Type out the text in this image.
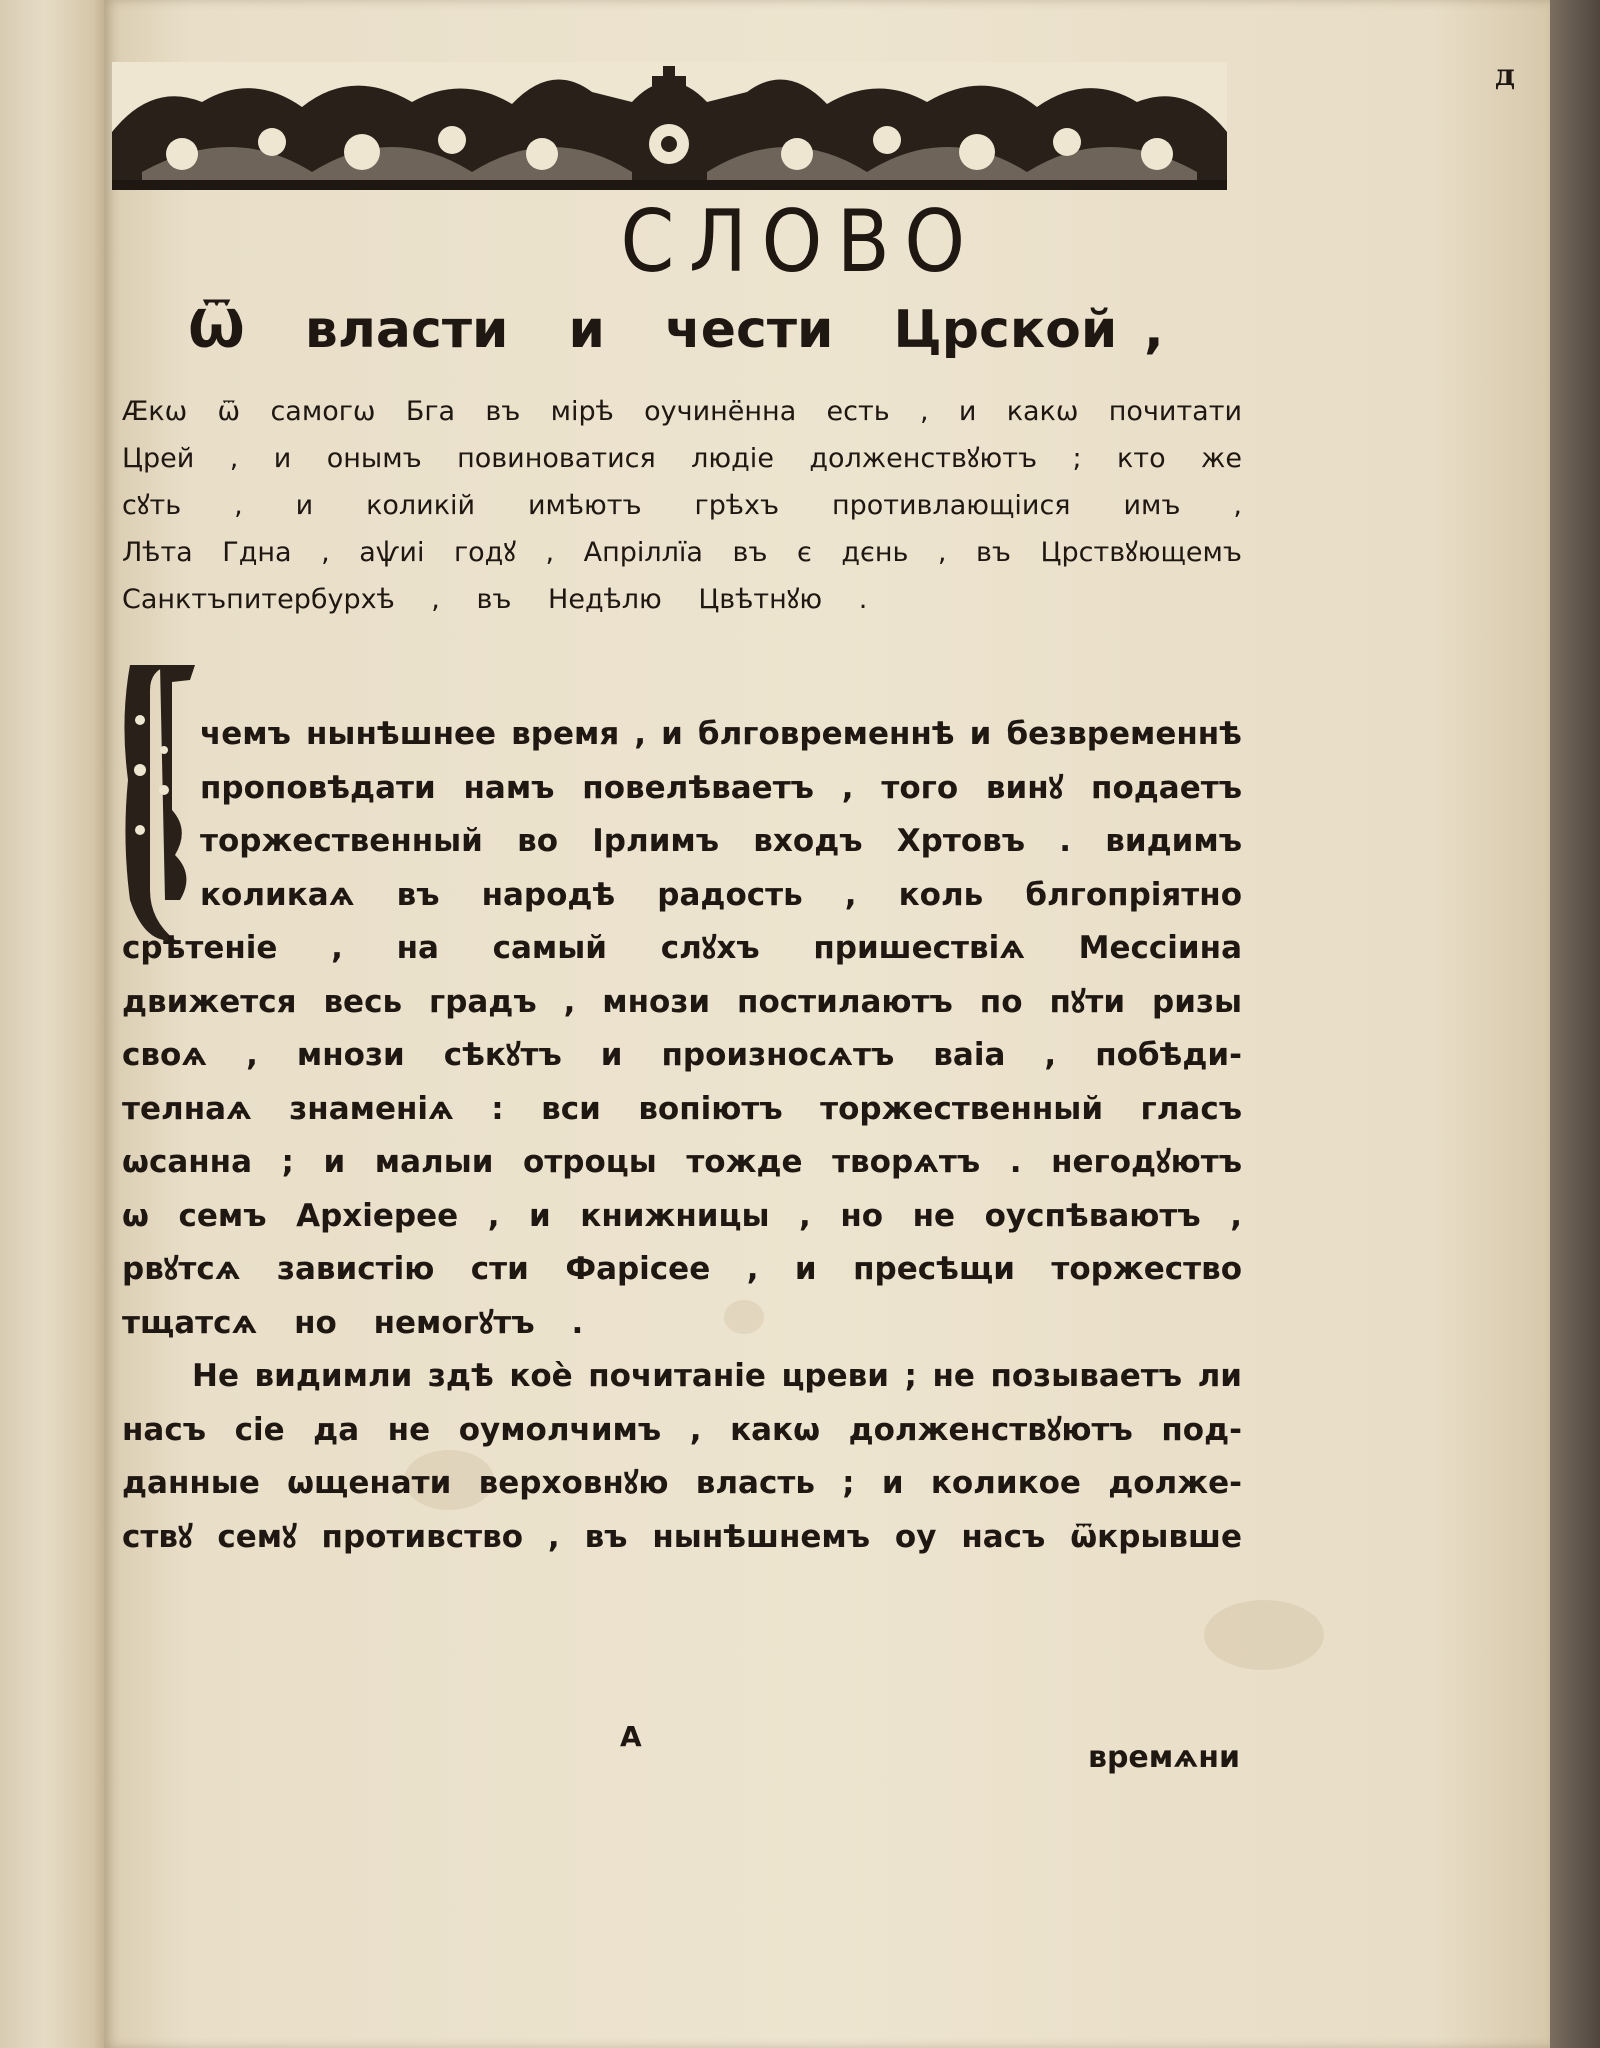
д
СЛОВО
Ѿ власти и чести Црской ,
Ӕкѡ ѿ самогѡ Бга въ мірѣ оучинённа есть , и какѡ почитати
Црей , и онымъ повиноватися людіе долженствꙋютъ ; кто же
сꙋть , и коликій имѣютъ грѣхъ противлающіися имъ ,
Лѣта Гдна , аѱиі годꙋ , Апріллїа въ є дєнь , въ Црствꙋющемъ
Санктъпитербурхѣ , въ Недѣлю Цвѣтнꙋю .
чемъ нынѣшнее время , и блговременнѣ и безвременнѣ
проповѣдати намъ повелѣваетъ , того винꙋ подаетъ
торжественный во Ірлимъ входъ Хртовъ . видимъ
коликаѧ въ народѣ радость , коль блгопріятно
срѣтеніе , на самый слꙋхъ пришествіѧ Мессіина
движется весь градъ , мнози постилаютъ по пꙋти ризы
своѧ , мнози сѣкꙋтъ и произносѧтъ ваіа , побѣди-
телнаѧ знаменіѧ : вси вопіютъ торжественный гласъ
ѡсанна ; и малыи отроцы тожде творѧтъ . негодꙋютъ
ѡ семъ Архіерее , и книжницы , но не оуспѣваютъ ,
рвꙋтсѧ завистію сти Фарісее , и пресѣщи торжество
тщатсѧ но немогꙋтъ .
Не видимли здѣ коѐ почитаніе цреви ; не позываетъ ли
насъ сіе да не оумолчимъ , какѡ долженствꙋютъ под-
данные ѡщенати верховнꙋю власть ; и коликое долже-
ствꙋ семꙋ противство , въ нынѣшнемъ оу насъ ѿкрывше
А
времѧни
